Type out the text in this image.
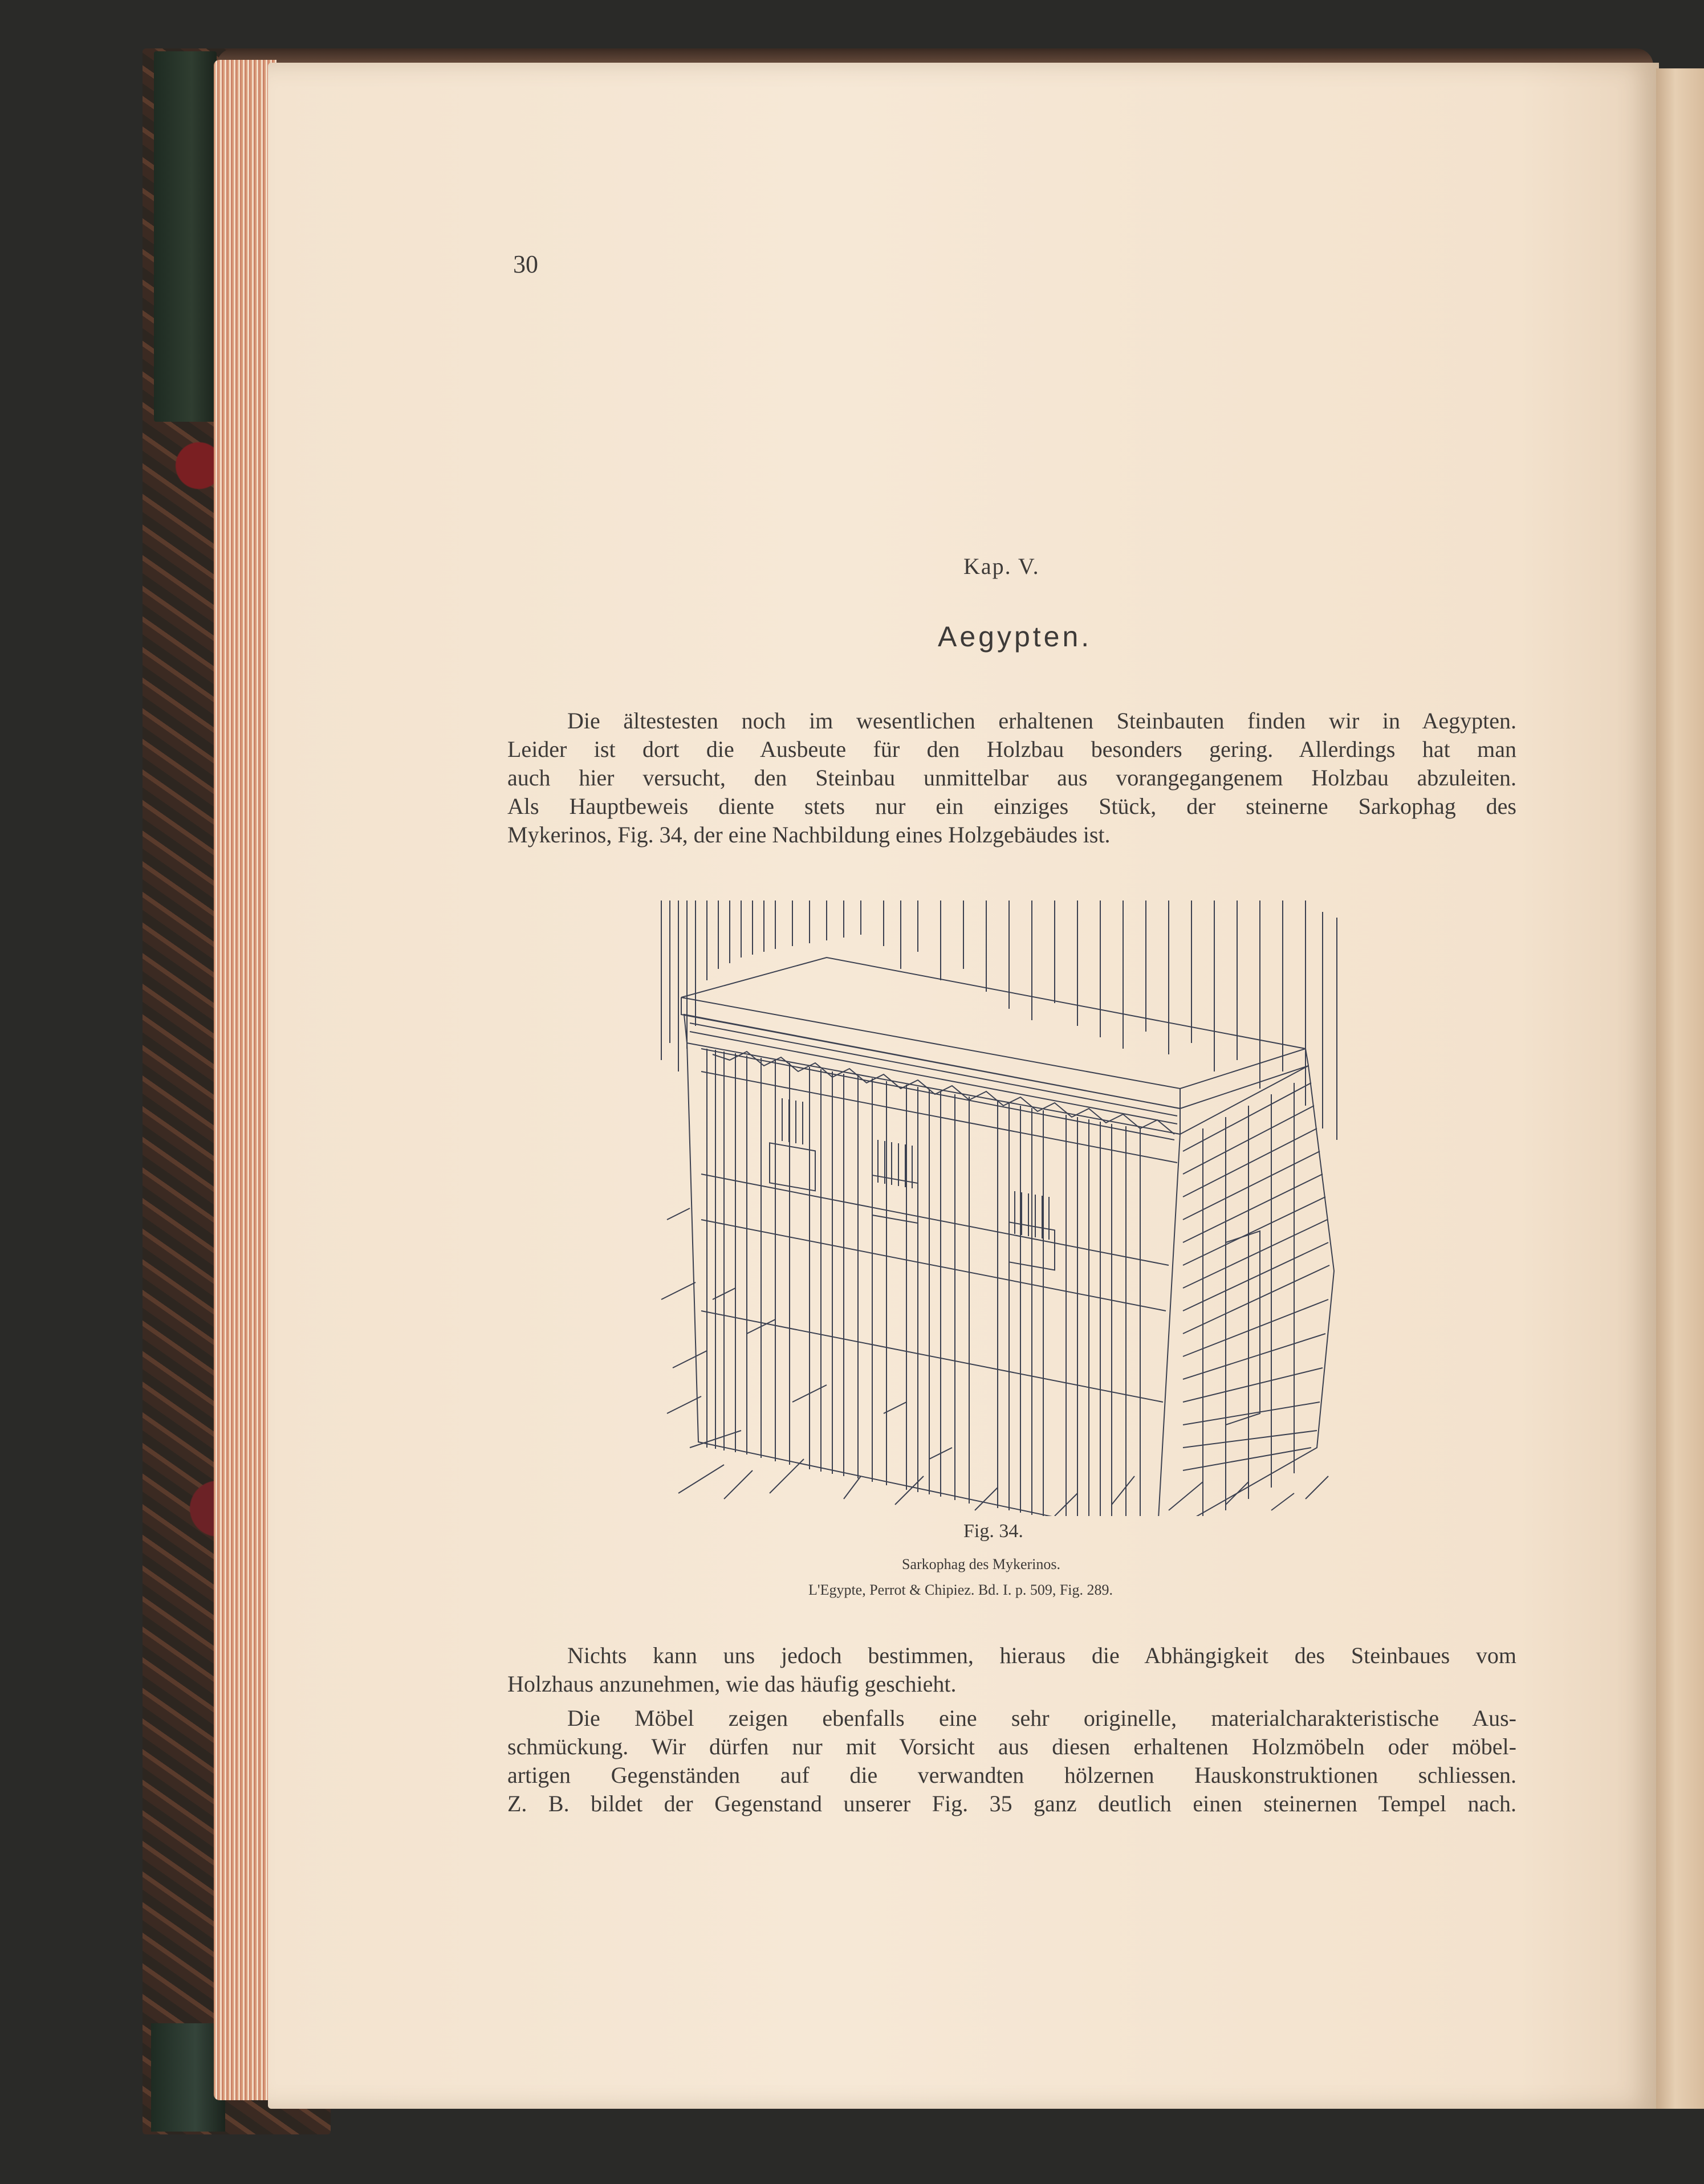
30
Kap. V.
Aegypten.
Die ältestesten noch im wesentlichen erhaltenen Steinbauten finden wir in Aegypten.
Leider ist dort die Ausbeute für den Holzbau besonders gering. Allerdings hat man
auch hier versucht, den Steinbau unmittelbar aus vorangegangenem Holzbau abzuleiten.
Als Hauptbeweis diente stets nur ein einziges Stück, der steinerne Sarkophag des
Mykerinos, Fig. 34, der eine Nachbildung eines Holzgebäudes ist.
Fig. 34.
Sarkophag des Mykerinos.
L'Egypte, Perrot & Chipiez. Bd. I. p. 509, Fig. 289.
Nichts kann uns jedoch bestimmen, hieraus die Abhängigkeit des Steinbaues vom
Holzhaus anzunehmen, wie das häufig geschieht.
Die Möbel zeigen ebenfalls eine sehr originelle, materialcharakteristische Aus-
schmückung. Wir dürfen nur mit Vorsicht aus diesen erhaltenen Holzmöbeln oder möbel-
artigen Gegenständen auf die verwandten hölzernen Hauskonstruktionen schliessen.
Z. B. bildet der Gegenstand unserer Fig. 35 ganz deutlich einen steinernen Tempel nach.
